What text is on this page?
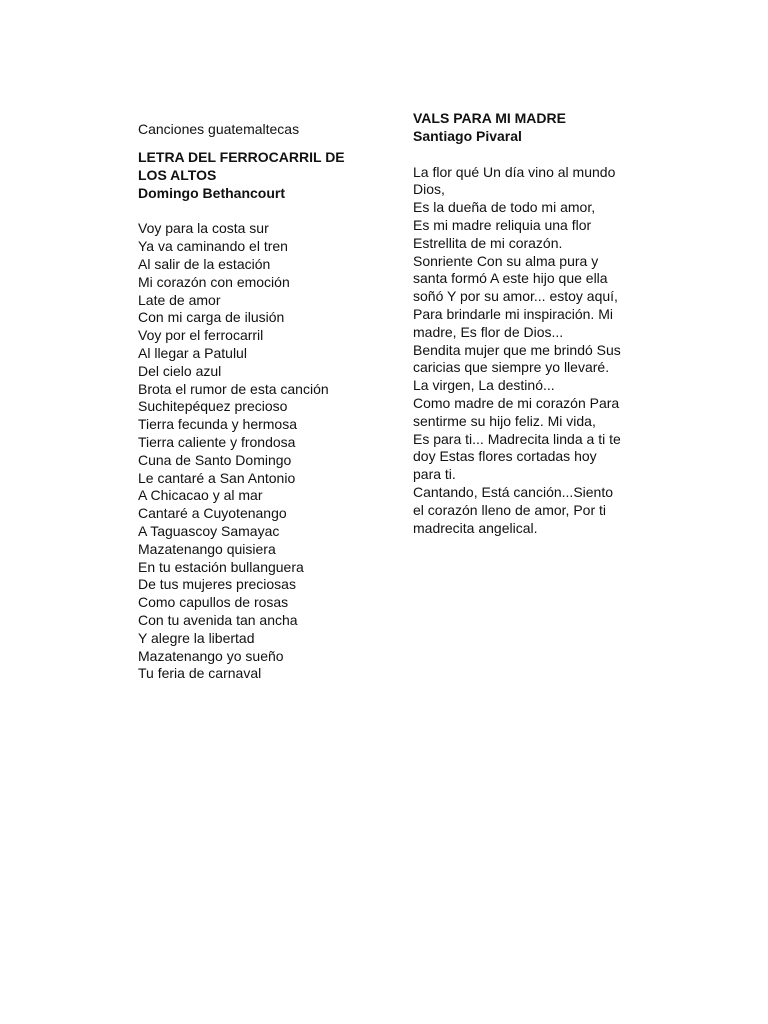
Canciones guatemaltecas
LETRA DEL FERROCARRIL DE
LOS ALTOS
Domingo Bethancourt
Voy para la costa sur
Ya va caminando el tren
Al salir de la estación
Mi corazón con emoción
Late de amor
Con mi carga de ilusión
Voy por el ferrocarril
Al llegar a Patulul
Del cielo azul
Brota el rumor de esta canción
Suchitepéquez precioso
Tierra fecunda y hermosa
Tierra caliente y frondosa
Cuna de Santo Domingo
Le cantaré a San Antonio
A Chicacao y al mar
Cantaré a Cuyotenango
A Taguascoy Samayac
Mazatenango quisiera
En tu estación bullanguera
De tus mujeres preciosas
Como capullos de rosas
Con tu avenida tan ancha
Y alegre la libertad
Mazatenango yo sueño
Tu feria de carnaval
VALS PARA MI MADRE
Santiago Pivaral
La flor qué Un día vino al mundo
Dios,
Es la dueña de todo mi amor,
Es mi madre reliquia una flor
Estrellita de mi corazón.
Sonriente Con su alma pura y
santa formó A este hijo que ella
soñó Y por su amor... estoy aquí,
Para brindarle mi inspiración. Mi
madre, Es flor de Dios...
Bendita mujer que me brindó Sus
caricias que siempre yo llevaré.
La virgen, La destinó...
Como madre de mi corazón Para
sentirme su hijo feliz. Mi vida,
Es para ti... Madrecita linda a ti te
doy Estas flores cortadas hoy
para ti.
Cantando, Está canción...Siento
el corazón lleno de amor, Por ti
madrecita angelical.
